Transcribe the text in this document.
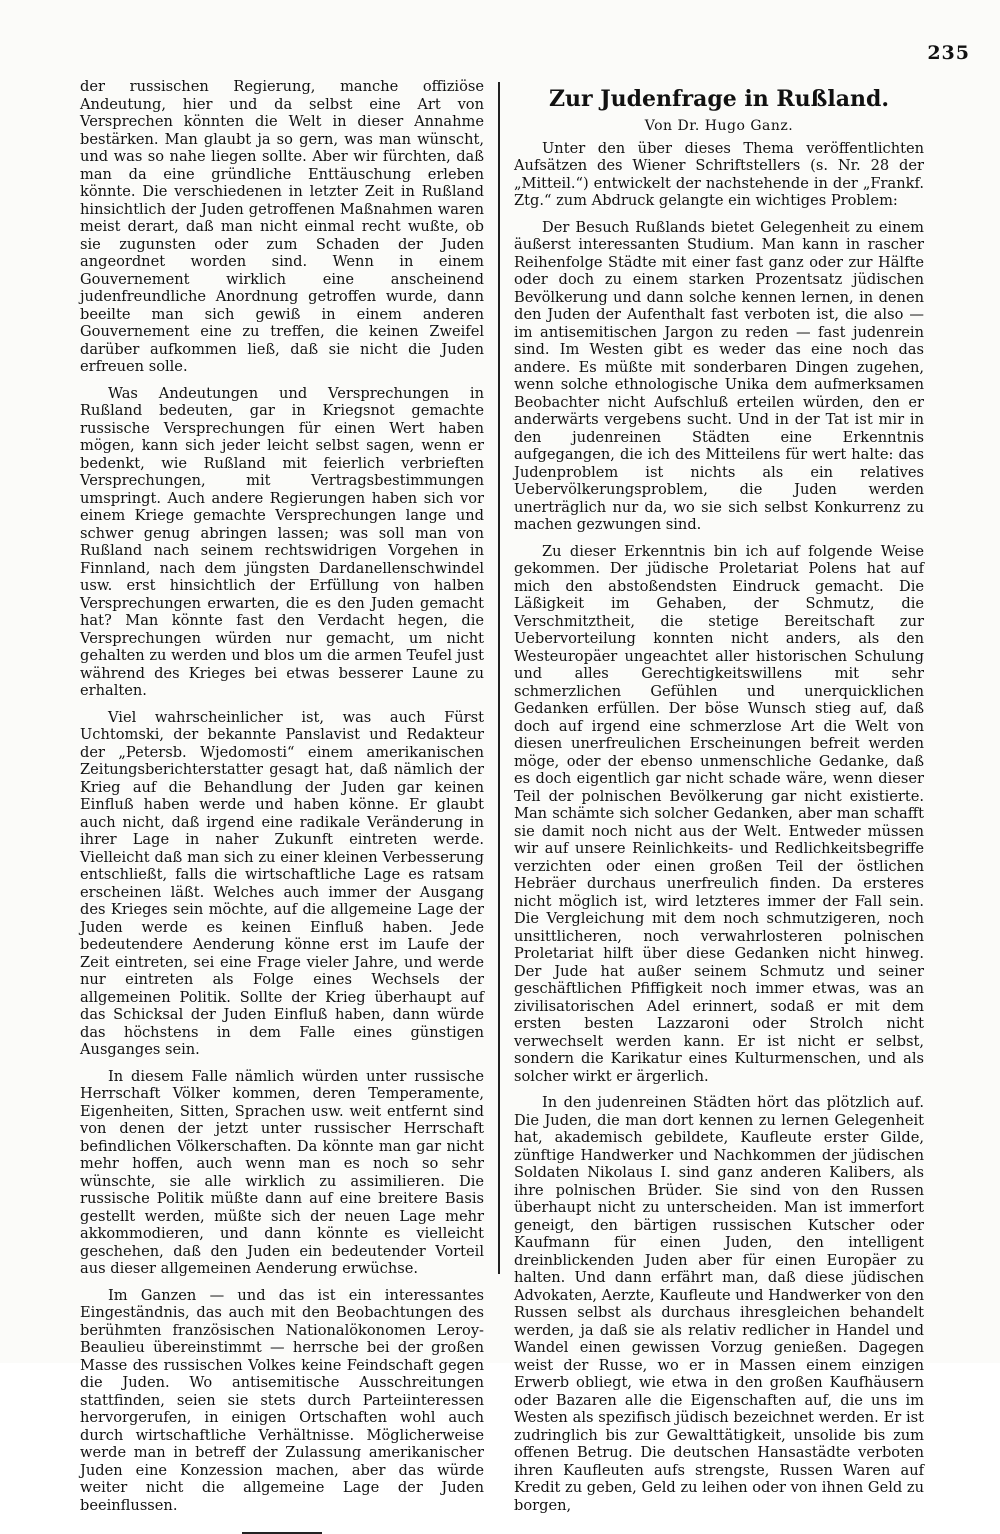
235

der russischen Regierung, manche offiziöse Andeutung, hier und da selbst eine Art von Versprechen könnten die Welt in dieser Annahme bestärken. Man glaubt ja so gern, was man wünscht, und was so nahe liegen sollte. Aber wir fürchten, daß man da eine gründliche Enttäuschung erleben könnte. Die verschiedenen in letzter Zeit in Rußland hinsichtlich der Juden getroffenen Maßnahmen waren meist derart, daß man nicht einmal recht wußte, ob sie zugunsten oder zum Schaden der Juden angeordnet worden sind. Wenn in einem Gouvernement wirklich eine anscheinend judenfreundliche Anordnung getroffen wurde, dann beeilte man sich gewiß in einem anderen Gouvernement eine zu treffen, die keinen Zweifel darüber aufkommen ließ, daß sie nicht die Juden erfreuen solle.

Was Andeutungen und Versprechungen in Rußland bedeuten, gar in Kriegsnot gemachte russische Versprechungen für einen Wert haben mögen, kann sich jeder leicht selbst sagen, wenn er bedenkt, wie Rußland mit feierlich verbrieften Versprechungen, mit Vertragsbestimmungen umspringt. Auch andere Regierungen haben sich vor einem Kriege gemachte Versprechungen lange und schwer genug abringen lassen; was soll man von Rußland nach seinem rechtswidrigen Vorgehen in Finnland, nach dem jüngsten Dardanellenschwindel usw. erst hinsichtlich der Erfüllung von halben Versprechungen erwarten, die es den Juden gemacht hat? Man könnte fast den Verdacht hegen, die Versprechungen würden nur gemacht, um nicht gehalten zu werden und blos um die armen Teufel just während des Krieges bei etwas besserer Laune zu erhalten.

Viel wahrscheinlicher ist, was auch Fürst Uchtomski, der bekannte Panslavist und Redakteur der „Petersb. Wjedomosti“ einem amerikanischen Zeitungsberichterstatter gesagt hat, daß nämlich der Krieg auf die Behandlung der Juden gar keinen Einfluß haben werde und haben könne. Er glaubt auch nicht, daß irgend eine radikale Veränderung in ihrer Lage in naher Zukunft eintreten werde. Vielleicht daß man sich zu einer kleinen Verbesserung entschließt, falls die wirtschaftliche Lage es ratsam erscheinen läßt. Welches auch immer der Ausgang des Krieges sein möchte, auf die allgemeine Lage der Juden werde es keinen Einfluß haben. Jede bedeutendere Aenderung könne erst im Laufe der Zeit eintreten, sei eine Frage vieler Jahre, und werde nur eintreten als Folge eines Wechsels der allgemeinen Politik. Sollte der Krieg überhaupt auf das Schicksal der Juden Einfluß haben, dann würde das höchstens in dem Falle eines günstigen Ausganges sein.

In diesem Falle nämlich würden unter russische Herrschaft Völker kommen, deren Temperamente, Eigenheiten, Sitten, Sprachen usw. weit entfernt sind von denen der jetzt unter russischer Herrschaft befindlichen Völkerschaften. Da könnte man gar nicht mehr hoffen, auch wenn man es noch so sehr wünschte, sie alle wirklich zu assimilieren. Die russische Politik müßte dann auf eine breitere Basis gestellt werden, müßte sich der neuen Lage mehr akkommodieren, und dann könnte es vielleicht geschehen, daß den Juden ein bedeutender Vorteil aus dieser allgemeinen Aenderung erwüchse.

Im Ganzen — und das ist ein interessantes Eingeständnis, das auch mit den Beobachtungen des berühmten französischen Nationalökonomen Leroy-Beaulieu übereinstimmt — herrsche bei der großen Masse des russischen Volkes keine Feindschaft gegen die Juden. Wo antisemitische Ausschreitungen stattfinden, seien sie stets durch Parteiinteressen hervorgerufen, in einigen Ortschaften wohl auch durch wirtschaftliche Verhältnisse. Möglicherweise werde man in betreff der Zulassung amerikanischer Juden eine Konzession machen, aber das würde weiter nicht die allgemeine Lage der Juden beeinflussen.

Zur Judenfrage in Rußland.
Von Dr. Hugo Ganz.

Unter den über dieses Thema veröffentlichten Aufsätzen des Wiener Schriftstellers (s. Nr. 28 der „Mitteil.“) entwickelt der nachstehende in der „Frankf. Ztg.“ zum Abdruck gelangte ein wichtiges Problem:

Der Besuch Rußlands bietet Gelegenheit zu einem äußerst interessanten Studium. Man kann in rascher Reihenfolge Städte mit einer fast ganz oder zur Hälfte oder doch zu einem starken Prozentsatz jüdischen Bevölkerung und dann solche kennen lernen, in denen den Juden der Aufenthalt fast verboten ist, die also — im antisemitischen Jargon zu reden — fast judenrein sind. Im Westen gibt es weder das eine noch das andere. Es müßte mit sonderbaren Dingen zugehen, wenn solche ethnologische Unika dem aufmerksamen Beobachter nicht Aufschluß erteilen würden, den er anderwärts vergebens sucht. Und in der Tat ist mir in den judenreinen Städten eine Erkenntnis aufgegangen, die ich des Mitteilens für wert halte: das Judenproblem ist nichts als ein relatives Uebervölkerungsproblem, die Juden werden unerträglich nur da, wo sie sich selbst Konkurrenz zu machen gezwungen sind.

Zu dieser Erkenntnis bin ich auf folgende Weise gekommen. Der jüdische Proletariat Polens hat auf mich den abstoßendsten Eindruck gemacht. Die Läßigkeit im Gehaben, der Schmutz, die Verschmitztheit, die stetige Bereitschaft zur Uebervorteilung konnten nicht anders, als den Westeuropäer ungeachtet aller historischen Schulung und alles Gerechtigkeitswillens mit sehr schmerzlichen Gefühlen und unerquicklichen Gedanken erfüllen. Der böse Wunsch stieg auf, daß doch auf irgend eine schmerzlose Art die Welt von diesen unerfreulichen Erscheinungen befreit werden möge, oder der ebenso unmenschliche Gedanke, daß es doch eigentlich gar nicht schade wäre, wenn dieser Teil der polnischen Bevölkerung gar nicht existierte. Man schämte sich solcher Gedanken, aber man schafft sie damit noch nicht aus der Welt. Entweder müssen wir auf unsere Reinlichkeits- und Redlichkeitsbegriffe verzichten oder einen großen Teil der östlichen Hebräer durchaus unerfreulich finden. Da ersteres nicht möglich ist, wird letzteres immer der Fall sein. Die Vergleichung mit dem noch schmutzigeren, noch unsittlicheren, noch verwahrlosteren polnischen Proletariat hilft über diese Gedanken nicht hinweg. Der Jude hat außer seinem Schmutz und seiner geschäftlichen Pfiffigkeit noch immer etwas, was an zivilisatorischen Adel erinnert, sodaß er mit dem ersten besten Lazzaroni oder Strolch nicht verwechselt werden kann. Er ist nicht er selbst, sondern die Karikatur eines Kulturmenschen, und als solcher wirkt er ärgerlich.

In den judenreinen Städten hört das plötzlich auf. Die Juden, die man dort kennen zu lernen Gelegenheit hat, akademisch gebildete, Kaufleute erster Gilde, zünftige Handwerker und Nachkommen der jüdischen Soldaten Nikolaus I. sind ganz anderen Kalibers, als ihre polnischen Brüder. Sie sind von den Russen überhaupt nicht zu unterscheiden. Man ist immerfort geneigt, den bärtigen russischen Kutscher oder Kaufmann für einen Juden, den intelligent dreinblickenden Juden aber für einen Europäer zu halten. Und dann erfährt man, daß diese jüdischen Advokaten, Aerzte, Kaufleute und Handwerker von den Russen selbst als durchaus ihresgleichen behandelt werden, ja daß sie als relativ redlicher in Handel und Wandel einen gewissen Vorzug genießen. Dagegen weist der Russe, wo er in Massen einem einzigen Erwerb obliegt, wie etwa in den großen Kaufhäusern oder Bazaren alle die Eigenschaften auf, die uns im Westen als spezifisch jüdisch bezeichnet werden. Er ist zudringlich bis zur Gewalttätigkeit, unsolide bis zum offenen Betrug. Die deutschen Hansastädte verboten ihren Kaufleuten aufs strengste, Russen Waren auf Kredit zu geben, Geld zu leihen oder von ihnen Geld zu borgen,
